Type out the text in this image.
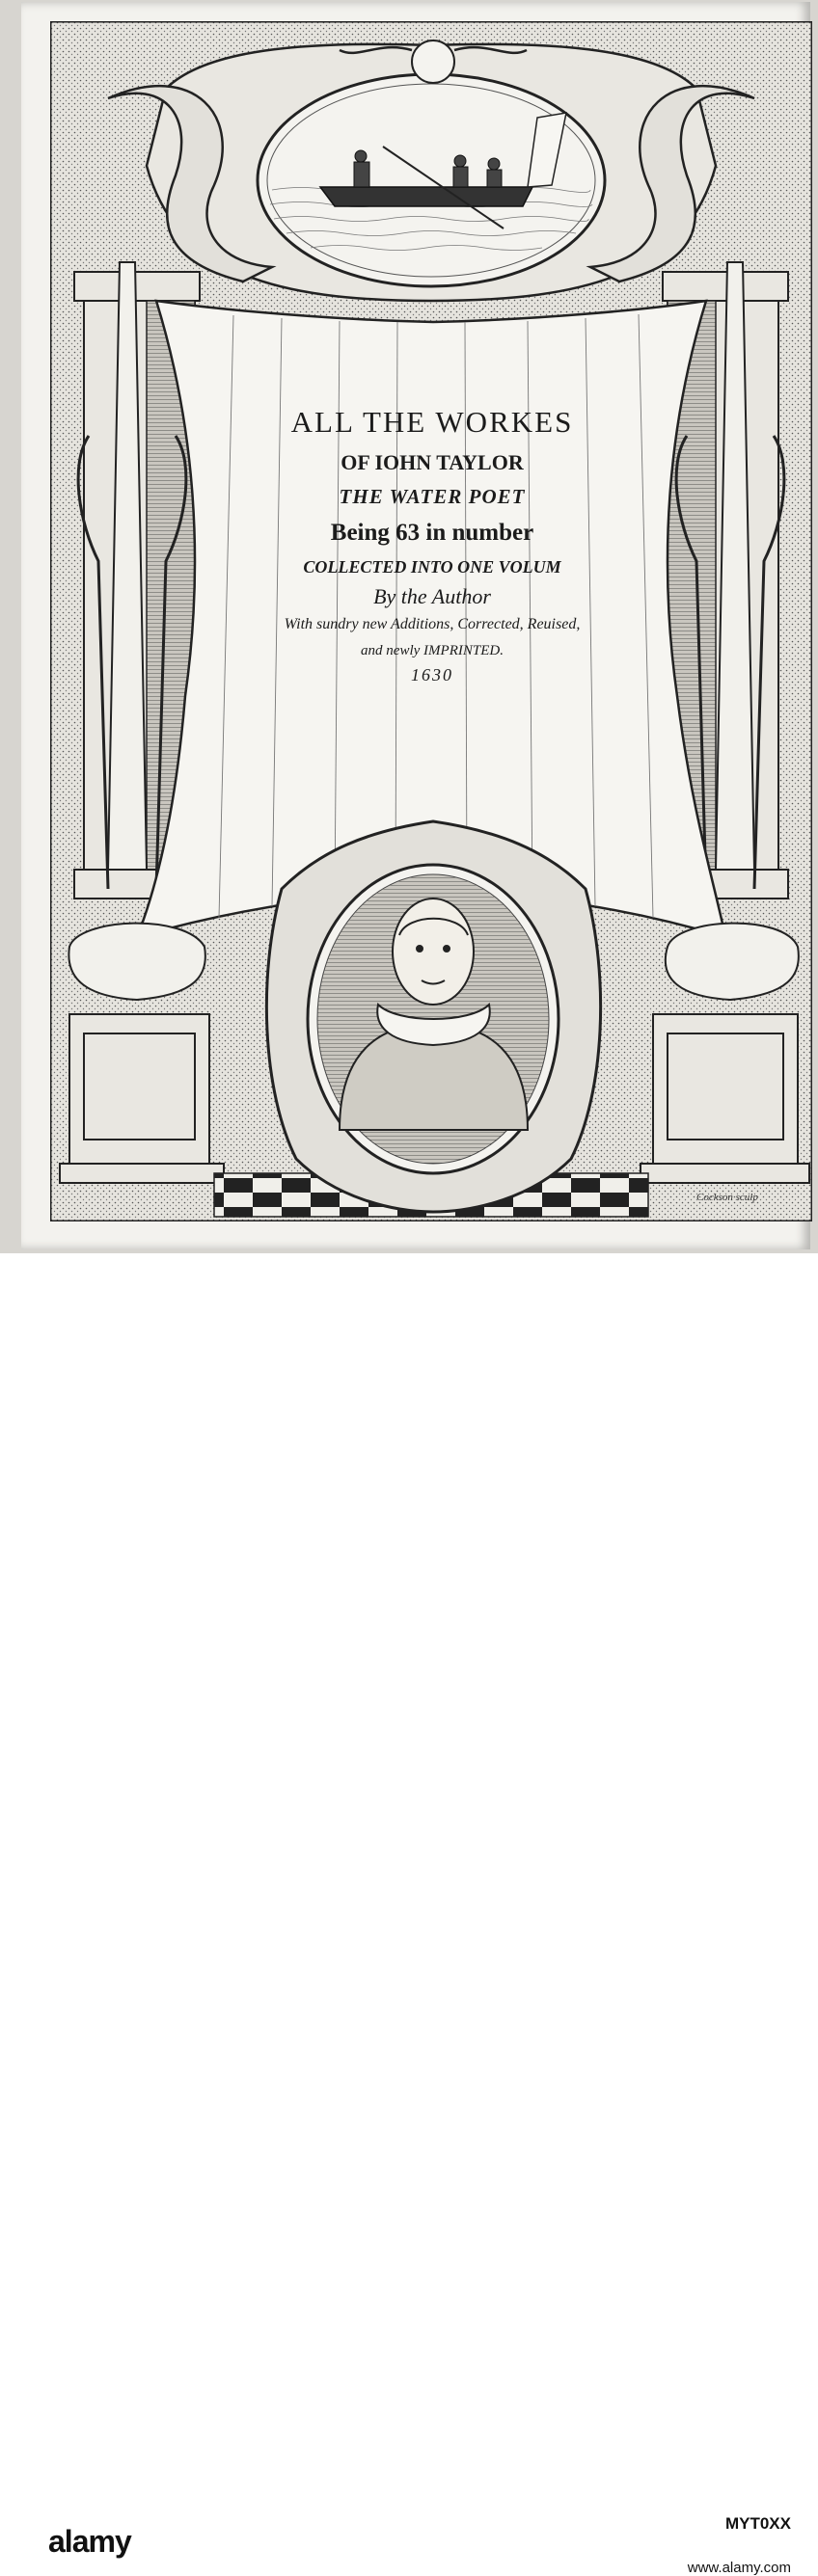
ALL THE WORKES
OF IOHN TAYLOR
THE WATER POET
Being 63 in number
COLLECTED INTO ONE VOLUM
By the Author
With sundry new Additions, Corrected, Reuised,
and newly IMPRINTED.
1630
Cockson sculp
alamy
MYT0XX
www.alamy.com
